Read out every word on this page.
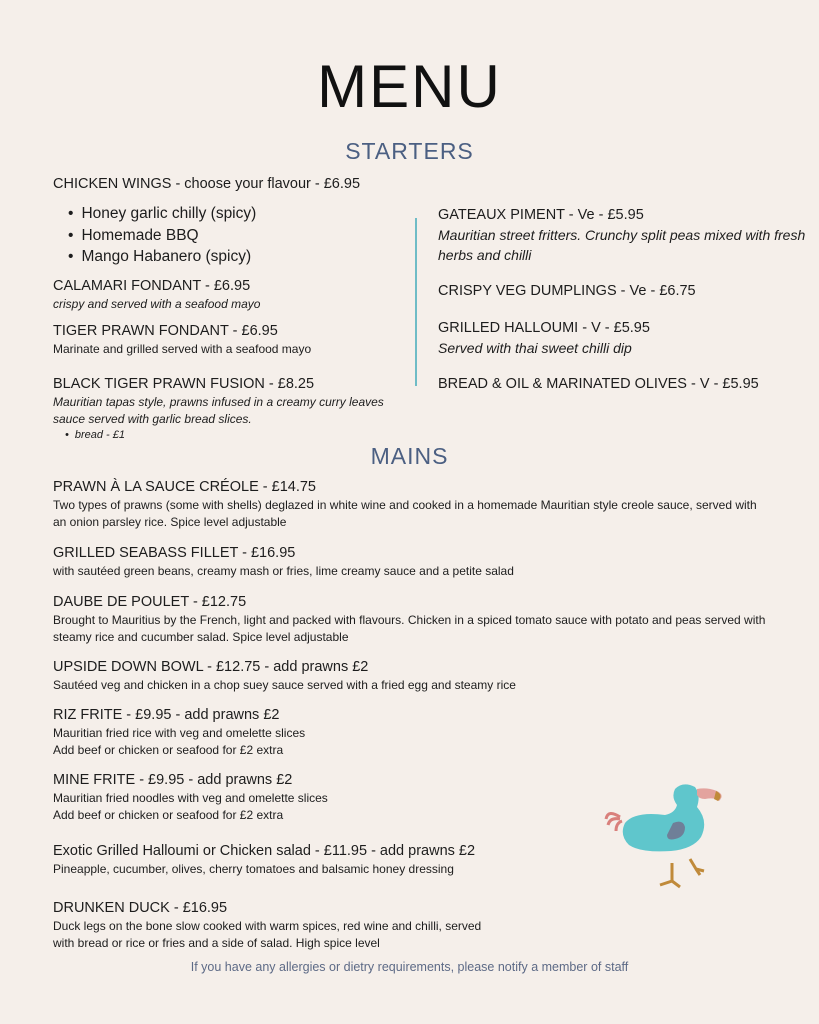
MENU
STARTERS
CHICKEN WINGS - choose your flavour - £6.95
• Honey garlic chilly (spicy)
• Homemade BBQ
• Mango Habanero (spicy)
CALAMARI FONDANT - £6.95
crispy and served with a seafood mayo
TIGER PRAWN FONDANT - £6.95
Marinate and grilled served with a seafood mayo
BLACK TIGER PRAWN FUSION - £8.25
Mauritian tapas style, prawns infused in a creamy curry leaves sauce served with garlic bread slices.
• bread - £1
GATEAUX PIMENT - Ve - £5.95
Mauritian street fritters. Crunchy split peas mixed with fresh herbs and chilli
CRISPY VEG DUMPLINGS - Ve - £6.75
GRILLED HALLOUMI - V - £5.95
Served with thai sweet chilli dip
BREAD & OIL & MARINATED OLIVES - V - £5.95
MAINS
PRAWN À LA SAUCE CRÉOLE - £14.75
Two types of prawns (some with shells) deglazed in white wine and cooked in a homemade Mauritian style creole sauce, served with an onion parsley rice. Spice level adjustable
GRILLED SEABASS FILLET - £16.95
with sautéed green beans, creamy mash or fries, lime creamy sauce and a petite salad
DAUBE DE POULET - £12.75
Brought to Mauritius by the French, light and packed with flavours. Chicken in a spiced tomato sauce with potato and peas served with steamy rice and cucumber salad. Spice level adjustable
UPSIDE DOWN BOWL - £12.75 - add prawns £2
Sautéed veg and chicken in a chop suey sauce served with a fried egg and steamy rice
RIZ FRITE - £9.95 - add prawns £2
Mauritian fried rice with veg and omelette slices
Add beef or chicken or seafood for £2 extra
MINE FRITE - £9.95 - add prawns £2
Mauritian fried noodles with veg and omelette slices
Add beef or chicken or seafood for £2 extra
Exotic Grilled Halloumi or Chicken salad - £11.95 - add prawns £2
Pineapple, cucumber, olives, cherry tomatoes and balsamic honey dressing
DRUNKEN DUCK - £16.95
Duck legs on the bone slow cooked with warm spices, red wine and chilli, served
with bread or rice or fries and a side of salad. High spice level
If you have any allergies or dietry requirements, please notify a member of staff
